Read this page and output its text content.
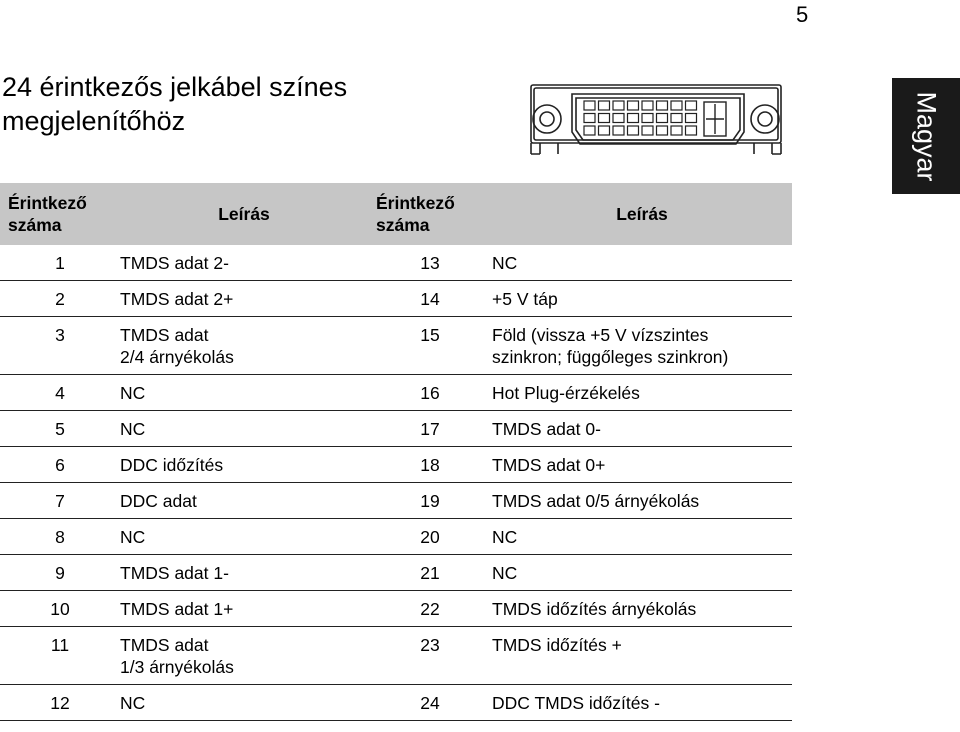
5
24 érintkezős jelkábel színes
megjelenítőhöz	Magyar
Érintkező
száma	Leírás	Érintkező
száma	Leírás
1	TMDS adat 2-	13	NC

2	TMDS adat 2+	14	+5 V táp

3	TMDS adat
2/4 árnyékolás	15	Föld (vissza +5 V vízszintes
szinkron; függőleges szinkron)

4	NC	16	Hot Plug-érzékelés

5	NC	17	TMDS adat 0-

6	DDC időzítés	18	TMDS adat 0+

7	DDC adat	19	TMDS adat 0/5 árnyékolás

8	NC	20	NC

9	TMDS adat 1-	21	NC

10	TMDS adat 1+	22	TMDS időzítés árnyékolás

11	TMDS adat
1/3 árnyékolás	23	TMDS időzítés +

12	NC	24	DDC TMDS időzítés -
